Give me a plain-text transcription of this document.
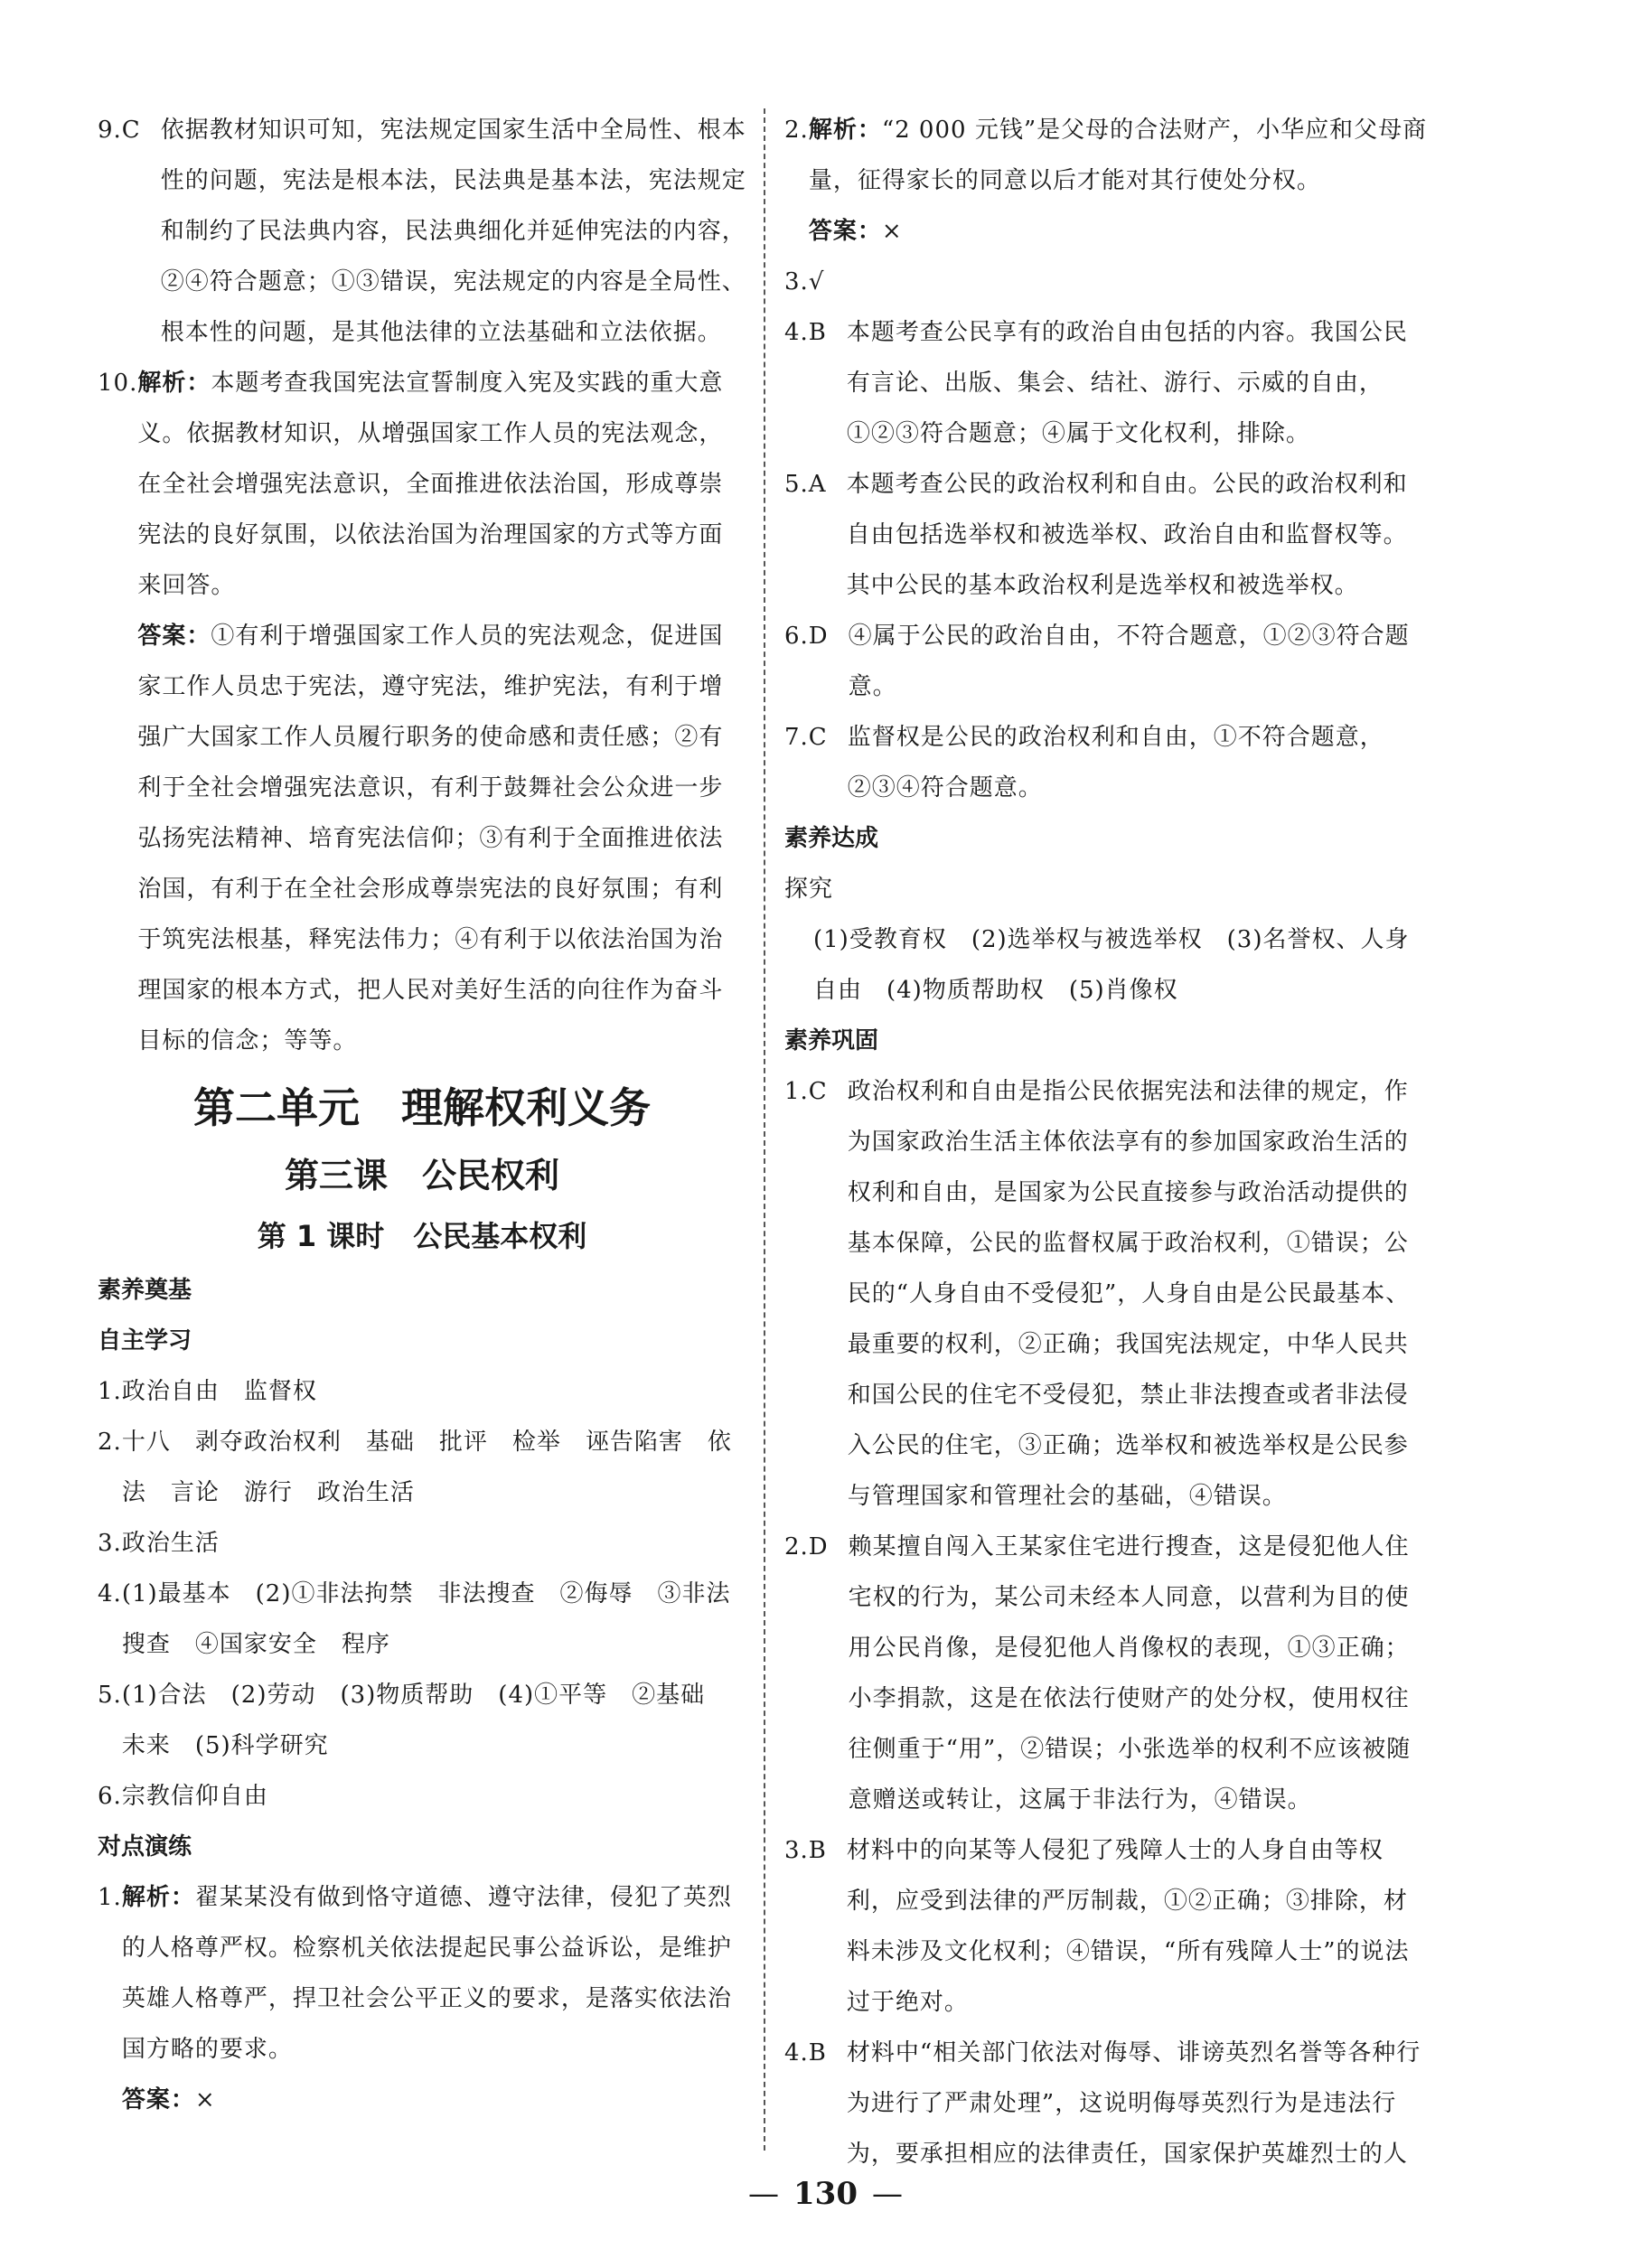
9.C 依据教材知识可知，宪法规定国家生活中全局性、根本性的问题，宪法是根本法，民法典是基本法，宪法规定和制约了民法典内容，民法典细化并延伸宪法的内容，②④符合题意；①③错误，宪法规定的内容是全局性、根本性的问题，是其他法律的立法基础和立法依据。
10. 解析：本题考查我国宪法宣誓制度入宪及实践的重大意义。依据教材知识，从增强国家工作人员的宪法观念，在全社会增强宪法意识，全面推进依法治国，形成尊崇宪法的良好氛围，以依法治国为治理国家的方式等方面来回答。
答案：①有利于增强国家工作人员的宪法观念，促进国家工作人员忠于宪法，遵守宪法，维护宪法，有利于增强广大国家工作人员履行职务的使命感和责任感；②有利于全社会增强宪法意识，有利于鼓舞社会公众进一步弘扬宪法精神、培育宪法信仰；③有利于全面推进依法治国，有利于在全社会形成尊崇宪法的良好氛围；有利于筑宪法根基，释宪法伟力；④有利于以依法治国为治理国家的根本方式，把人民对美好生活的向往作为奋斗目标的信念；等等。
第二单元　理解权利义务
第三课　公民权利
第 1 课时　公民基本权利
素养奠基
自主学习
1. 政治自由　监督权
2. 十八　剥夺政治权利　基础　批评　检举　诬告陷害　依法　言论　游行　政治生活
3. 政治生活
4. (1)最基本　(2)①非法拘禁　非法搜查　②侮辱　③非法搜查　④国家安全　程序
5. (1)合法　(2)劳动　(3)物质帮助　(4)①平等　②基础　未来　(5)科学研究
6. 宗教信仰自由
对点演练
1. 解析：翟某某没有做到恪守道德、遵守法律，侵犯了英烈的人格尊严权。检察机关依法提起民事公益诉讼，是维护英雄人格尊严，捍卫社会公平正义的要求，是落实依法治国方略的要求。
答案：×
2. 解析：“2 000 元钱”是父母的合法财产，小华应和父母商量，征得家长的同意以后才能对其行使处分权。
答案：×
3. √
4.B 本题考查公民享有的政治自由包括的内容。我国公民有言论、出版、集会、结社、游行、示威的自由，①②③符合题意；④属于文化权利，排除。
5.A 本题考查公民的政治权利和自由。公民的政治权利和自由包括选举权和被选举权、政治自由和监督权等。其中公民的基本政治权利是选举权和被选举权。
6.D ④属于公民的政治自由，不符合题意，①②③符合题意。
7.C 监督权是公民的政治权利和自由，①不符合题意，②③④符合题意。
素养达成
探究
(1)受教育权　(2)选举权与被选举权　(3)名誉权、人身自由　(4)物质帮助权　(5)肖像权
素养巩固
1.C 政治权利和自由是指公民依据宪法和法律的规定，作为国家政治生活主体依法享有的参加国家政治生活的权利和自由，是国家为公民直接参与政治活动提供的基本保障，公民的监督权属于政治权利，①错误；公民的“人身自由不受侵犯”，人身自由是公民最基本、最重要的权利，②正确；我国宪法规定，中华人民共和国公民的住宅不受侵犯，禁止非法搜查或者非法侵入公民的住宅，③正确；选举权和被选举权是公民参与管理国家和管理社会的基础，④错误。
2.D 赖某擅自闯入王某家住宅进行搜查，这是侵犯他人住宅权的行为，某公司未经本人同意，以营利为目的使用公民肖像，是侵犯他人肖像权的表现，①③正确；小李捐款，这是在依法行使财产的处分权，使用权往往侧重于“用”，②错误；小张选举的权利不应该被随意赠送或转让，这属于非法行为，④错误。
3.B 材料中的向某等人侵犯了残障人士的人身自由等权利，应受到法律的严厉制裁，①②正确；③排除，材料未涉及文化权利；④错误，“所有残障人士”的说法过于绝对。
4.B 材料中“相关部门依法对侮辱、诽谤英烈名誉等各种行为进行了严肃处理”，这说明侮辱英烈行为是违法行为，要承担相应的法律责任，国家保护英雄烈士的人
— 130 —
